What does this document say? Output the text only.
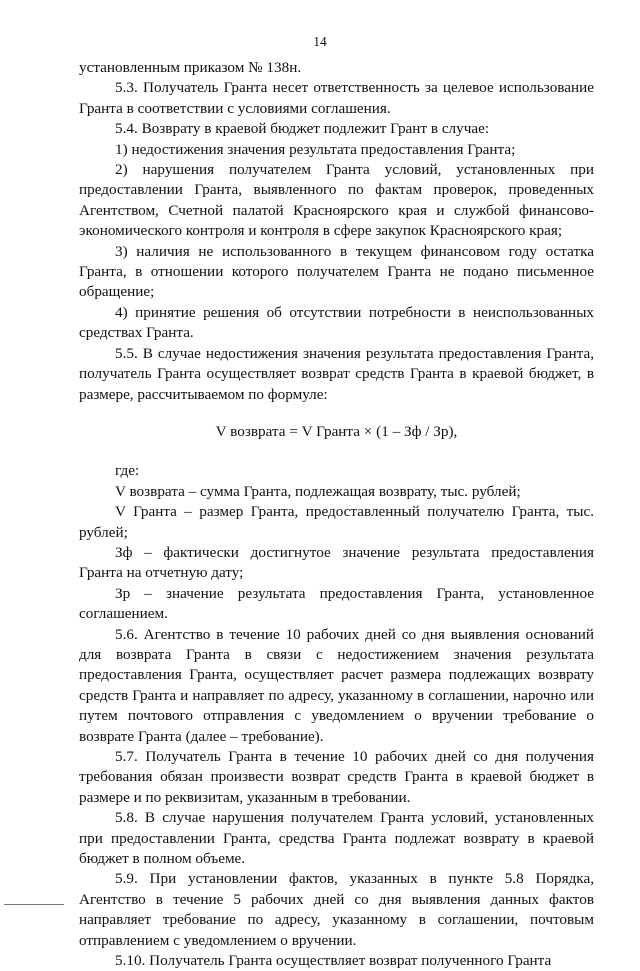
14

установленным приказом № 138н.

5.3. Получатель Гранта несет ответственность за целевое использование Гранта в соответствии с условиями соглашения.

5.4. Возврату в краевой бюджет подлежит Грант в случае:

1) недостижения значения результата предоставления Гранта;

2) нарушения получателем Гранта условий, установленных при предоставлении Гранта, выявленного по фактам проверок, проведенных Агентством, Счетной палатой Красноярского края и службой финансово-экономического контроля и контроля в сфере закупок Красноярского края;

3) наличия не использованного в текущем финансовом году остатка Гранта, в отношении которого получателем Гранта не подано письменное обращение;

4) принятие решения об отсутствии потребности в неиспользованных средствах Гранта.

5.5. В случае недостижения значения результата предоставления Гранта, получатель Гранта осуществляет возврат средств Гранта в краевой бюджет, в размере, рассчитываемом по формуле:

V возврата = V Гранта × (1 – Зф / Зр),

где:

V возврата – сумма Гранта, подлежащая возврату, тыс. рублей;

V Гранта – размер Гранта, предоставленный получателю Гранта, тыс. рублей;

Зф – фактически достигнутое значение результата предоставления Гранта на отчетную дату;

Зр – значение результата предоставления Гранта, установленное соглашением.

5.6. Агентство в течение 10 рабочих дней со дня выявления оснований для возврата Гранта в связи с недостижением значения результата предоставления Гранта, осуществляет расчет размера подлежащих возврату средств Гранта и направляет по адресу, указанному в соглашении, нарочно или путем почтового отправления с уведомлением о вручении требование о возврате Гранта (далее – требование).

5.7. Получатель Гранта в течение 10 рабочих дней со дня получения требования обязан произвести возврат средств Гранта в краевой бюджет в размере и по реквизитам, указанным в требовании.

5.8. В случае нарушения получателем Гранта условий, установленных при предоставлении Гранта, средства Гранта подлежат возврату в краевой бюджет в полном объеме.

5.9. При установлении фактов, указанных в пункте 5.8 Порядка, Агентство в течение 5 рабочих дней со дня выявления данных фактов направляет требование по адресу, указанному в соглашении, почтовым отправлением с уведомлением о вручении.

5.10. Получатель Гранта осуществляет возврат полученного Гранта
